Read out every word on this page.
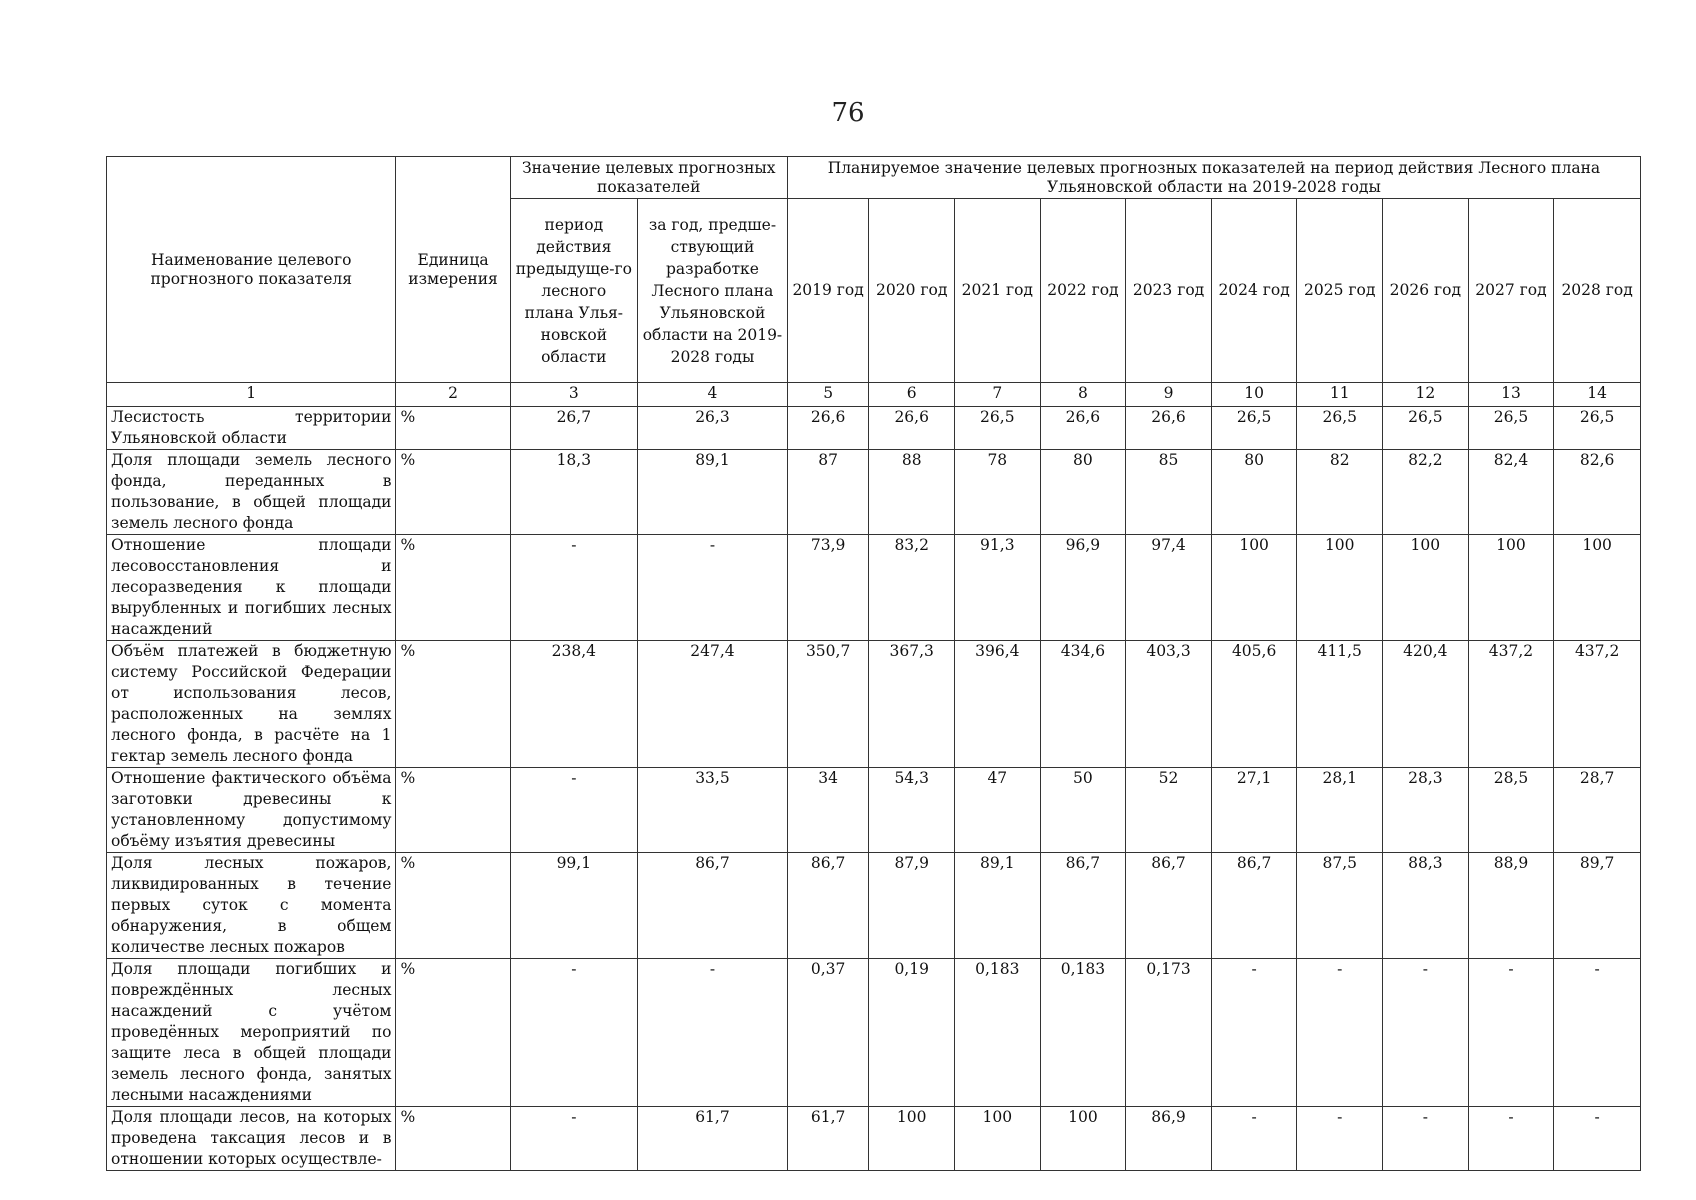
76
Наименование целевого прогнозного показателя	Единица измерения	Значение целевых прогнозных показателей		Планируемое значение целевых прогнозных показателей на период действия Лесного плана Ульяновской области на 2019-2028 годы									
		период действия предыдуще-го лесного плана Улья-новской области	за год, предше-ствующий разработке Лесного плана Ульяновской области на 2019-2028 годы	2019 год	2020 год	2021 год	2022 год	2023 год	2024 год	2025 год	2026 год	2027 год	2028 год
1	2	3	4	5	6	7	8	9	10	11	12	13	14
Лесистость территории Ульяновской области	%	26,7	26,3	26,6	26,6	26,5	26,6	26,6	26,5	26,5	26,5	26,5	26,5
Доля площади земель лесного фонда, переданных в пользование, в общей площади земель лесного фонда	%	18,3	89,1	87	88	78	80	85	80	82	82,2	82,4	82,6
Отношение площади лесовосстановления и лесоразведения к площади вырубленных и погибших лесных насаждений	%	-	-	73,9	83,2	91,3	96,9	97,4	100	100	100	100	100
Объём платежей в бюджетную систему Российской Федерации от использования лесов, расположенных на землях лесного фонда, в расчёте на 1 гектар земель лесного фонда	%	238,4	247,4	350,7	367,3	396,4	434,6	403,3	405,6	411,5	420,4	437,2	437,2
Отношение фактического объёма заготовки древесины к установленному допустимому объёму изъятия древесины	%	-	33,5	34	54,3	47	50	52	27,1	28,1	28,3	28,5	28,7
Доля лесных пожаров, ликвидированных в течение первых суток с момента обнаружения, в общем количестве лесных пожаров	%	99,1	86,7	86,7	87,9	89,1	86,7	86,7	86,7	87,5	88,3	88,9	89,7
Доля площади погибших и повреждённых лесных насаждений с учётом проведённых мероприятий по защите леса в общей площади земель лесного фонда, занятых лесными насаждениями	%	-	-	0,37	0,19	0,183	0,183	0,173	-	-	-	-	-
Доля площади лесов, на которых проведена таксация лесов и в отношении которых осуществле-	%	-	61,7	61,7	100	100	100	86,9	-	-	-	-	-
